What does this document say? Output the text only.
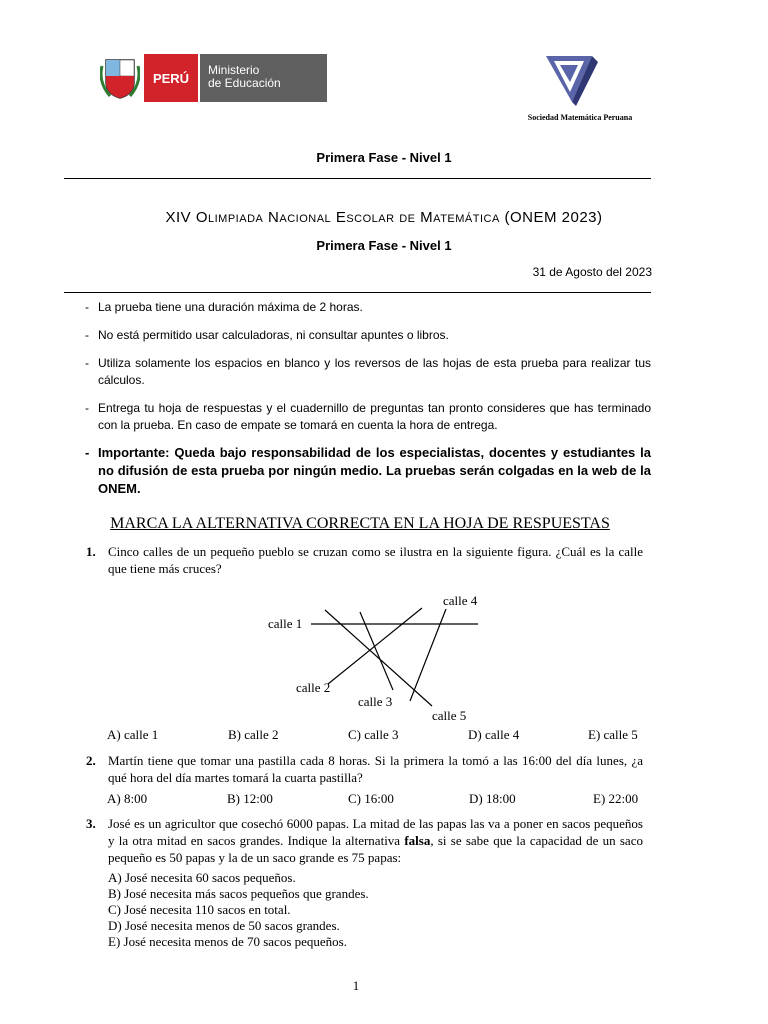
PERÚ
Ministerio
de Educación
Sociedad Matemática Peruana
Primera Fase - Nivel 1
XIV Olimpiada Nacional Escolar de Matemática (ONEM 2023)
Primera Fase - Nivel 1
31 de Agosto del 2023
- La prueba tiene una duración máxima de 2 horas.
- No está permitido usar calculadoras, ni consultar apuntes o libros.
- Utiliza solamente los espacios en blanco y los reversos de las hojas de esta prueba para realizar tus cálculos.
- Entrega tu hoja de respuestas y el cuadernillo de preguntas tan pronto consideres que has terminado con la prueba. En caso de empate se tomará en cuenta la hora de entrega.
- Importante: Queda bajo responsabilidad de los especialistas, docentes y estudiantes la no difusión de esta prueba por ningún medio. La pruebas serán colgadas en la web de la ONEM.
MARCA LA ALTERNATIVA CORRECTA EN LA HOJA DE RESPUESTAS
1. Cinco calles de un pequeño pueblo se cruzan como se ilustra en la siguiente figura. ¿Cuál es la calle que tiene más cruces?
calle 1
calle 2
calle 3
calle 4
calle 5
A) calle 1	B) calle 2	C) calle 3	D) calle 4	E) calle 5
2. Martín tiene que tomar una pastilla cada 8 horas. Si la primera la tomó a las 16:00 del día lunes, ¿a qué hora del día martes tomará la cuarta pastilla?
A) 8:00	B) 12:00	C) 16:00	D) 18:00	E) 22:00
3. José es un agricultor que cosechó 6000 papas. La mitad de las papas las va a poner en sacos pequeños y la otra mitad en sacos grandes. Indique la alternativa falsa, si se sabe que la capacidad de un saco pequeño es 50 papas y la de un saco grande es 75 papas:
A) José necesita 60 sacos pequeños.
B) José necesita más sacos pequeños que grandes.
C) José necesita 110 sacos en total.
D) José necesita menos de 50 sacos grandes.
E) José necesita menos de 70 sacos pequeños.
1
